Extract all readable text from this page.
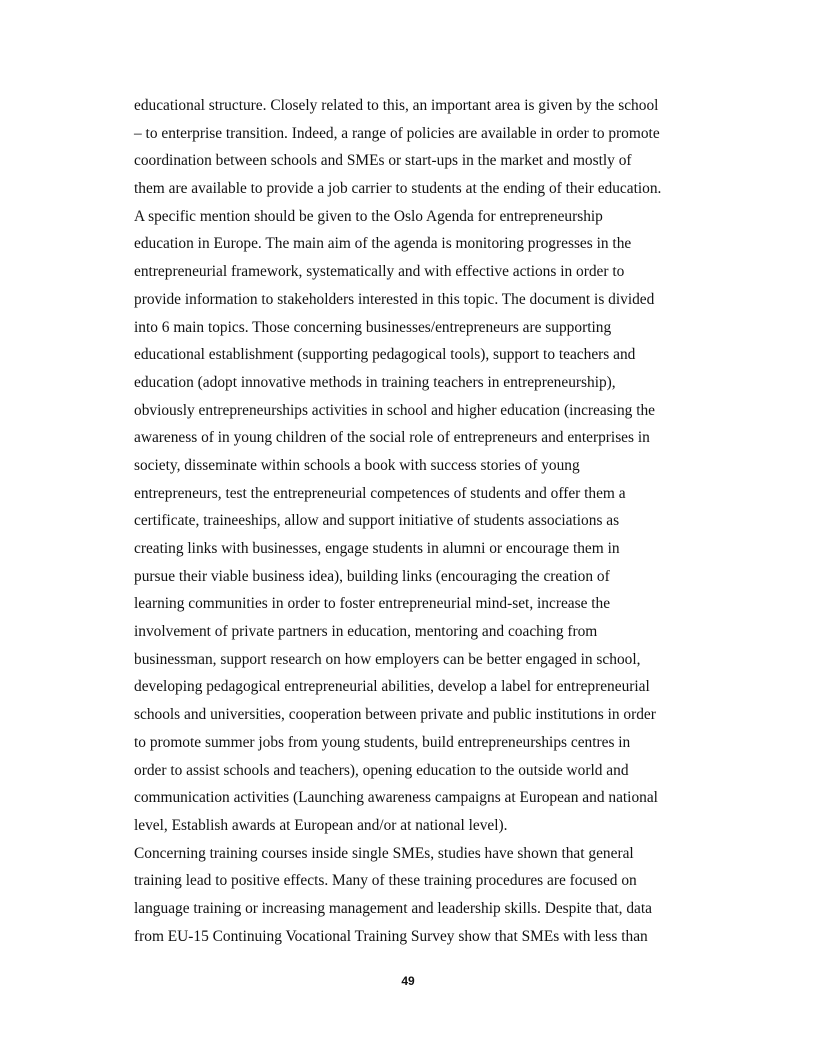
educational structure. Closely related to this, an important area is given by the school
– to enterprise transition. Indeed, a range of policies are available in order to promote
coordination between schools and SMEs or start-ups in the market and mostly of
them are available to provide a job carrier to students at the ending of their education.
A specific mention should be given to the Oslo Agenda for entrepreneurship
education in Europe. The main aim of the agenda is monitoring progresses in the
entrepreneurial framework, systematically and with effective actions in order to
provide information to stakeholders interested in this topic. The document is divided
into 6 main topics. Those concerning businesses/entrepreneurs are supporting
educational establishment (supporting pedagogical tools), support to teachers and
education (adopt innovative methods in training teachers in entrepreneurship),
obviously entrepreneurships activities in school and higher education (increasing the
awareness of in young children of the social role of entrepreneurs and enterprises in
society, disseminate within schools a book with success stories of young
entrepreneurs, test the entrepreneurial competences of students and offer them a
certificate, traineeships, allow and support initiative of students associations as
creating links with businesses, engage students in alumni or encourage them in
pursue their viable business idea), building links (encouraging the creation of
learning communities in order to foster entrepreneurial mind-set, increase the
involvement of private partners in education, mentoring and coaching from
businessman, support research on how employers can be better engaged in school,
developing pedagogical entrepreneurial abilities, develop a label for entrepreneurial
schools and universities, cooperation between private and public institutions in order
to promote summer jobs from young students, build entrepreneurships centres in
order to assist schools and teachers), opening education to the outside world and
communication activities (Launching awareness campaigns at European and national
level, Establish awards at European and/or at national level).
Concerning training courses inside single SMEs, studies have shown that general
training lead to positive effects. Many of these training procedures are focused on
language training or increasing management and leadership skills. Despite that, data
from EU-15 Continuing Vocational Training Survey show that SMEs with less than
49
